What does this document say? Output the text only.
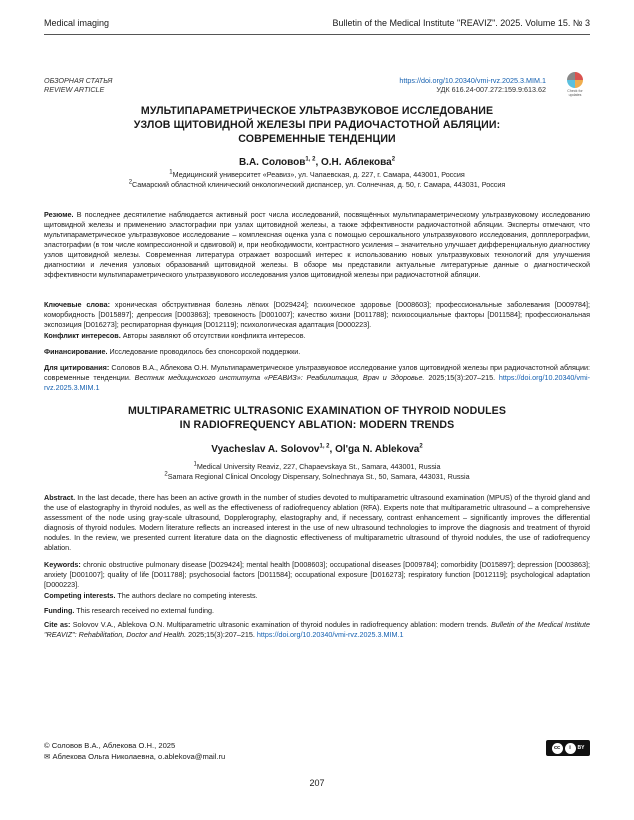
Medical imaging	Bulletin of the Medical Institute "REAVIZ". 2025. Volume 15. № 3
ОБЗОРНАЯ СТАТЬЯ
REVIEW ARTICLE
https://doi.org/10.20340/vmi-rvz.2025.3.MIM.1
УДК 616.24-007.272:159.9:613.62	Check for updates
МУЛЬТИПАРАМЕТРИЧЕСКОЕ УЛЬТРАЗВУКОВОЕ ИССЛЕДОВАНИЕ
УЗЛОВ ЩИТОВИДНОЙ ЖЕЛЕЗЫ ПРИ РАДИОЧАСТОТНОЙ АБЛЯЦИИ:
СОВРЕМЕННЫЕ ТЕНДЕНЦИИ
В.А. Соловов$^{1, 2}$, О.Н. Аблекова$^2$
$^1$Медицинский университет «Реавиз», ул. Чапаевская, д. 227, г. Самара, 443001, Россия
$^2$Самарский областной клинический онкологический диспансер, ул. Солнечная, д. 50, г. Самара, 443031, Россия
Резюме. В последнее десятилетие наблюдается активный рост числа исследований, посвящённых мультипараметрическому ультразвуковому исследованию щитовидной железы и применению эластографии при узлах щитовидной железы, а также эффективности радиочастотной абляции. Эксперты отмечают, что мультипараметрическое ультразвуковое исследование – комплексная оценка узла с помощью серошкального ультразвукового исследования, допплерографии, эластографии (в том числе компрессионной и сдвиговой) и, при необходимости, контрастного усиления – значительно улучшает дифференциальную диагностику узлов щитовидной железы. Современная литература отражает возросший интерес к использованию новых ультразвуковых технологий для улучшения диагностики и лечения узловых образований щитовидной железы. В обзоре мы представили актуальные литературные данные о диагностической эффективности мультипараметрического ультразвукового исследования узлов щитовидной железы при радиочастотной абляции.
Ключевые слова: хроническая обструктивная болезнь лёгких [D029424]; психическое здоровье [D008603]; профессиональные заболевания [D009784]; коморбидность [D015897]; депрессия [D003863]; тревожность [D001007]; качество жизни [D011788]; психосоциальные факторы [D011584]; профессиональная экспозиция [D016273]; респираторная функция [D012119]; психологическая адаптация [D000223].
Конфликт интересов. Авторы заявляют об отсутствии конфликта интересов.
Финансирование. Исследование проводилось без спонсорской поддержки.
Для цитирования: Соловов В.А., Аблекова О.Н. Мультипараметрическое ультразвуковое исследование узлов щитовидной железы при радиочастотной абляции: современные тенденции. Вестник медицинского института «РЕАВИЗ»: Реабилитация, Врач и Здоровье. 2025;15(3):207–215. https://doi.org/10.20340/vmi-rvz.2025.3.MIM.1
MULTIPARAMETRIC ULTRASONIC EXAMINATION OF THYROID NODULES
IN RADIOFREQUENCY ABLATION: MODERN TRENDS
Vyacheslav A. Solovov$^{1, 2}$, Ol'ga N. Ablekova$^2$
$^1$Medical University Reaviz, 227, Chapaevskaya St., Samara, 443001, Russia
$^2$Samara Regional Clinical Oncology Dispensary, Solnechnaya St., 50, Samara, 443031, Russia
Abstract. In the last decade, there has been an active growth in the number of studies devoted to multiparametric ultrasound examination (MPUS) of the thyroid gland and the use of elastography in thyroid nodules, as well as the effectiveness of radiofrequency ablation (RFA). Experts note that multiparametric ultrasound – a comprehensive assessment of the node using gray-scale ultrasound, Dopplerography, elastography and, if necessary, contrast enhancement – significantly improves the differential diagnosis of thyroid nodules. Modern literature reflects an increased interest in the use of new ultrasound technologies to improve the diagnosis and treatment of thyroid nodules. In the review, we presented current literature data on the diagnostic effectiveness of multiparametric ultrasound of thyroid nodules, the use of radiofrequency ablation.
Keywords: chronic obstructive pulmonary disease [D029424]; mental health [D008603]; occupational diseases [D009784]; comorbidity [D015897]; depression [D003863]; anxiety [D001007]; quality of life [D011788]; psychosocial factors [D011584]; occupational exposure [D016273]; respiratory function [D012119]; psychological adaptation [D000223].
Competing interests. The authors declare no competing interests.
Funding. This research received no external funding.
Cite as: Solovov V.A., Ablekova O.N. Multiparametric ultrasonic examination of thyroid nodules in radiofrequency ablation: modern trends. Bulletin of the Medical Institute "REAVIZ": Rehabilitation, Doctor and Health. 2025;15(3):207–215. https://doi.org/10.20340/vmi-rvz.2025.3.MIM.1
© Соловов В.А., Аблекова О.Н., 2025
✉ Аблекова Ольга Николаевна, o.ablekova@mail.ru
cc	i	BY
207
